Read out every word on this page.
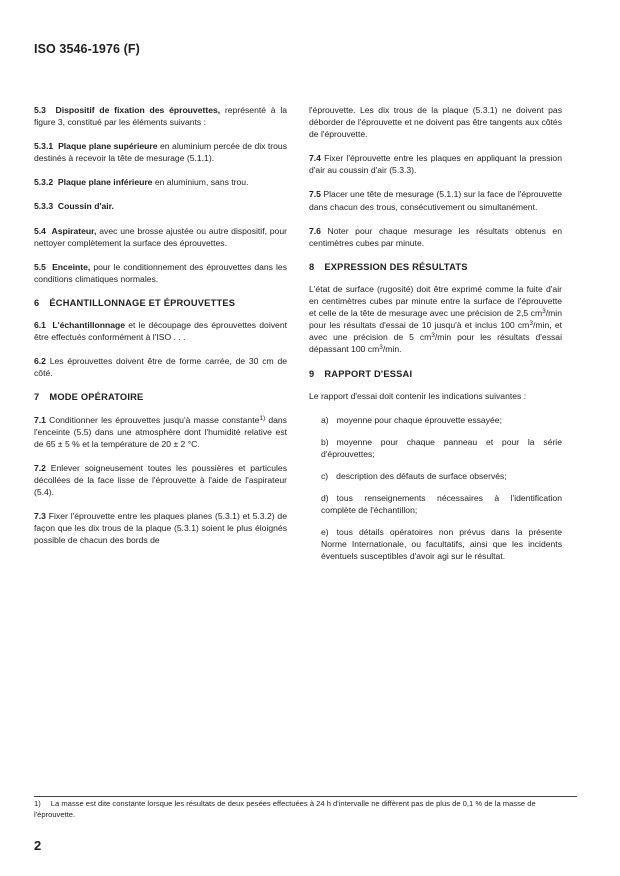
ISO 3546-1976 (F)

5.3 Dispositif de fixation des éprouvettes, représenté à la figure 3, constitué par les éléments suivants :

5.3.1 Plaque plane supérieure en aluminium percée de dix trous destinés à recevoir la tête de mesurage (5.1.1).

5.3.2 Plaque plane inférieure en aluminium, sans trou.

5.3.3 Coussin d'air.

5.4 Aspirateur, avec une brosse ajustée ou autre dispositif, pour nettoyer complètement la surface des éprouvettes.

5.5 Enceinte, pour le conditionnement des éprouvettes dans les conditions climatiques normales.

6 ÉCHANTILLONNAGE ET ÉPROUVETTES

6.1 L'échantillonnage et le découpage des éprouvettes doivent être effectués conformément à l'ISO . . .

6.2 Les éprouvettes doivent être de forme carrée, de 30 cm de côté.

7 MODE OPÉRATOIRE

7.1 Conditionner les éprouvettes jusqu'à masse constante$^{1)}$ dans l'enceinte (5.5) dans une atmosphère dont l'humidité relative est de 65 ± 5 % et la température de 20 ± 2 °C.

7.2 Enlever soigneusement toutes les poussières et particules décollées de la face lisse de l'éprouvette à l'aide de l'aspirateur (5.4).

7.3 Fixer l'éprouvette entre les plaques planes (5.3.1) et 5.3.2) de façon que les dix trous de la plaque (5.3.1) soient le plus éloignés possible de chacun des bords de

l'éprouvette. Les dix trous de la plaque (5.3.1) ne doivent pas déborder de l'éprouvette et ne doivent pas être tangents aux côtés de l'éprouvette.

7.4 Fixer l'éprouvette entre les plaques en appliquant la pression d'air au coussin d'air (5.3.3).

7.5 Placer une tête de mesurage (5.1.1) sur la face de l'éprouvette dans chacun des trous, consécutivement ou simultanément.

7.6 Noter pour chaque mesurage les résultats obtenus en centimètres cubes par minute.

8 EXPRESSION DES RÉSULTATS

L'état de surface (rugosité) doit être exprimé comme la fuite d'air en centimètres cubes par minute entre la surface de l'éprouvette et celle de la tête de mesurage avec une précision de 2,5 $cm^3/\min$ pour les résultats d'essai de 10 jusqu'à et inclus 100 $cm^3/\min$, et avec une précision de 5 $cm^3/\min$ pour les résultats d'essai dépassant 100 $cm^3/\min$.

9 RAPPORT D'ESSAI

Le rapport d'essai doit contenir les indications suivantes :

a) moyenne pour chaque éprouvette essayée;

b) moyenne pour chaque panneau et pour la série d'éprouvettes;

c) description des défauts de surface observés;

d) tous renseignements nécessaires à l'identification complète de l'échantillon;

e) tous détails opératoires non prévus dans la présente Norme Internationale, ou facultatifs, ainsi que les incidents éventuels susceptibles d'avoir agi sur le résultat.

1) La masse est dite constante lorsque les résultats de deux pesées effectuées à 24 h d'intervalle ne diffèrent pas de plus de 0,1 % de la masse de l'éprouvette.
2
